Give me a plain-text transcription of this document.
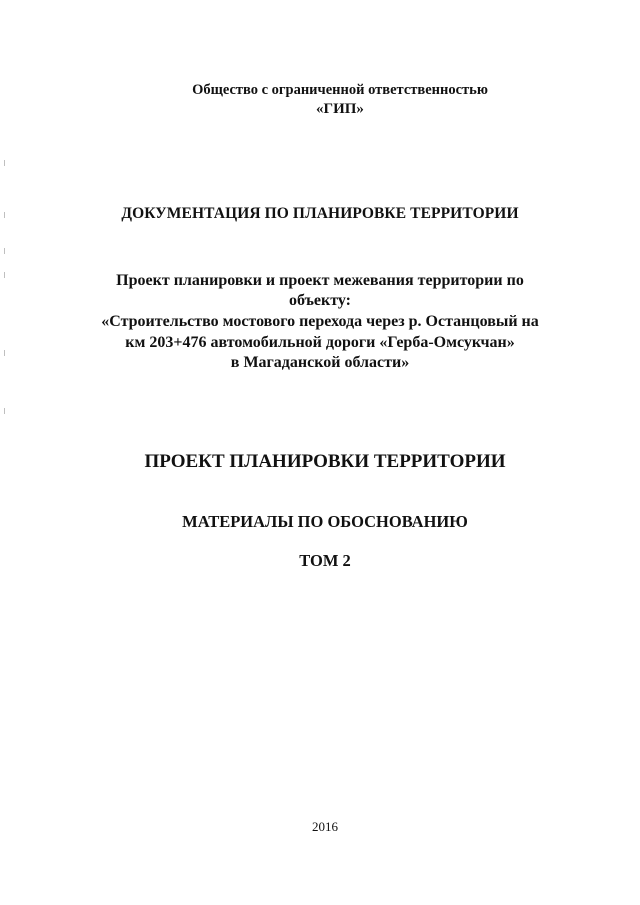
Общество с ограниченной ответственностью
«ГИП»
ДОКУМЕНТАЦИЯ ПО ПЛАНИРОВКЕ ТЕРРИТОРИИ
Проект планировки и проект межевания территории по
объекту:
«Строительство мостового перехода через р. Останцовый на
км 203+476 автомобильной дороги «Герба-Омсукчан»
в Магаданской области»
ПРОЕКТ ПЛАНИРОВКИ ТЕРРИТОРИИ
МАТЕРИАЛЫ ПО ОБОСНОВАНИЮ
ТОМ 2
2016
